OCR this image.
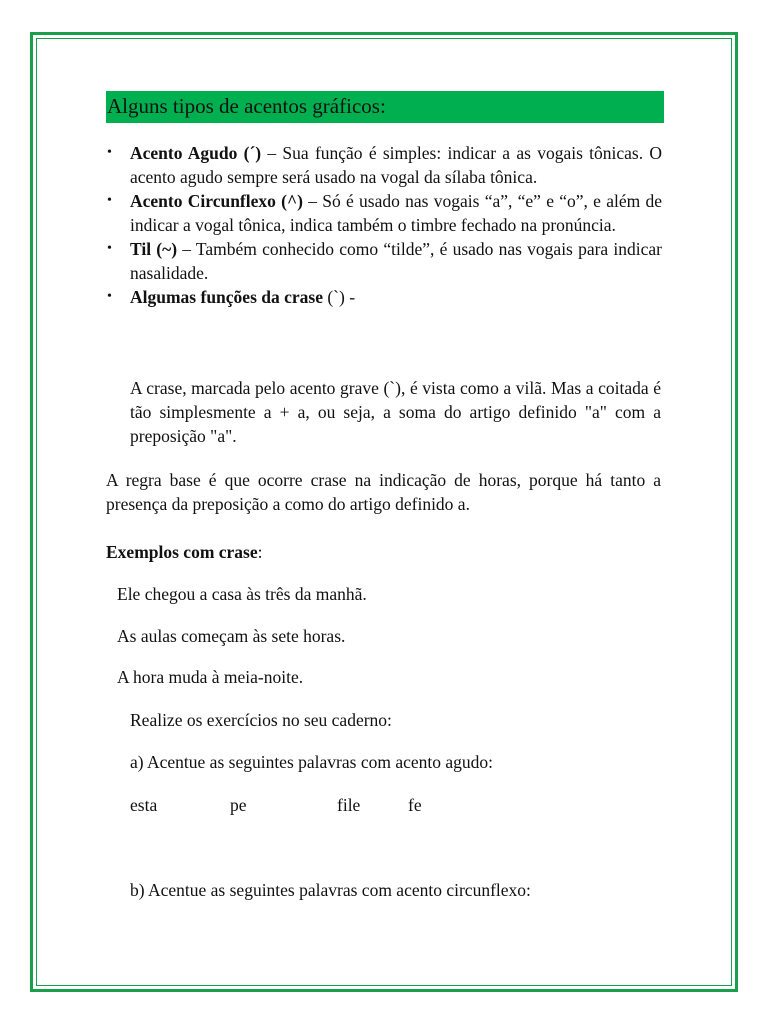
Alguns tipos de acentos gráficos:
• Acento Agudo (´) – Sua função é simples: indicar a as vogais tônicas. O acento agudo sempre será usado na vogal da sílaba tônica.
• Acento Circunflexo (^) – Só é usado nas vogais “a”, “e” e “o”, e além de indicar a vogal tônica, indica também o timbre fechado na pronúncia.
• Til (~) – Também conhecido como “tilde”, é usado nas vogais para indicar nasalidade.
• Algumas funções da crase (`) -

A crase, marcada pelo acento grave (`), é vista como a vilã. Mas a coitada é tão simplesmente a + a, ou seja, a soma do artigo definido "a" com a preposição "a".

A regra base é que ocorre crase na indicação de horas, porque há tanto a presença da preposição a como do artigo definido a.

Exemplos com crase:
Ele chegou a casa às três da manhã.
As aulas começam às sete horas.
A hora muda à meia-noite.
Realize os exercícios no seu caderno:
a) Acentue as seguintes palavras com acento agudo:
esta	pe	file	fe
b) Acentue as seguintes palavras com acento circunflexo:
